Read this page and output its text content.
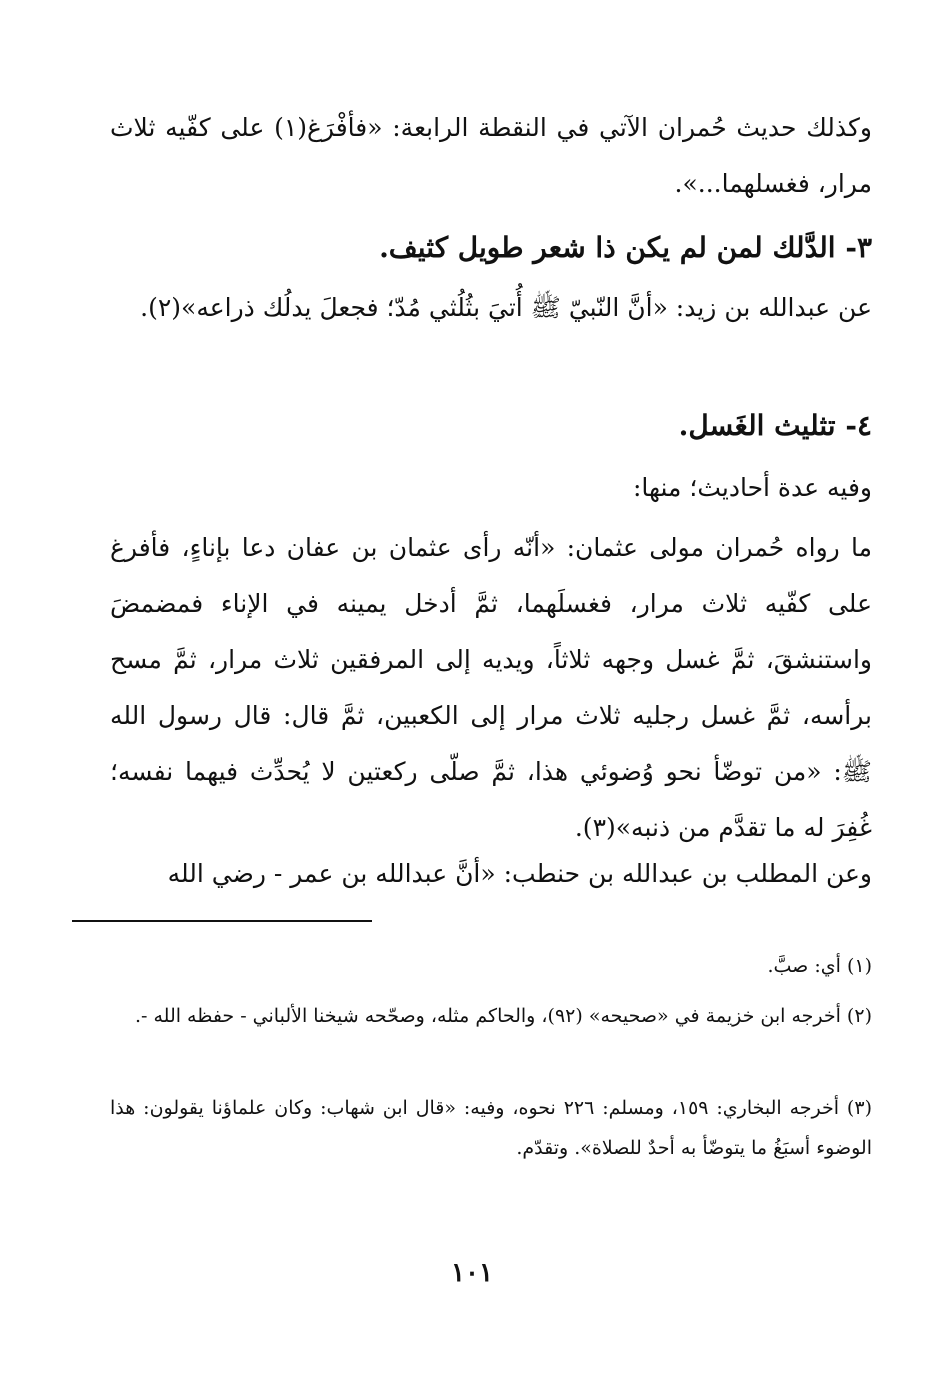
وكذلك حديث حُمران الآتي في النقطة الرابعة: «فأفْرَغ(١) على كفّيه ثلاث مرار، فغسلهما...».
٣- الدَّلك لمن لم يكن ذا شعر طويل كثيف.
عن عبدالله بن زيد: «أنَّ النّبيّ ﷺ أُتيَ بثُلُثي مُدّ؛ فجعلَ يدلُك ذراعه»(٢).
٤- تثليث الغَسل.
وفيه عدة أحاديث؛ منها:
ما رواه حُمران مولى عثمان: «أنّه رأى عثمان بن عفان دعا بإناءٍ، فأفرغ على كفّيه ثلاث مرار، فغسلَهما، ثمَّ أدخل يمينه في الإناء فمضمضَ واستنشقَ، ثمَّ غسل وجهه ثلاثاً، ويديه إلى المرفقين ثلاث مرار، ثمَّ مسح برأسه، ثمَّ غسل رجليه ثلاث مرار إلى الكعبين، ثمَّ قال: قال رسول الله ﷺ: «من توضّأ نحو وُضوئي هذا، ثمَّ صلّى ركعتين لا يُحدِّث فيهما نفسه؛ غُفِرَ له ما تقدَّم من ذنبه»(٣).
وعن المطلب بن عبدالله بن حنطب: «أنَّ عبدالله بن عمر - رضي الله
(١) أي: صبَّ.
(٢) أخرجه ابن خزيمة في «صحيحه» (٩٢)، والحاكم مثله، وصحّحه شيخنا الألباني - حفظه الله -.
(٣) أخرجه البخاري: ١٥٩، ومسلم: ٢٢٦ نحوه، وفيه: «قال ابن شهاب: وكان علماؤنا يقولون: هذا الوضوء أسبَغُ ما يتوضّأ به أحدٌ للصلاة». وتقدّم.
١٠١
